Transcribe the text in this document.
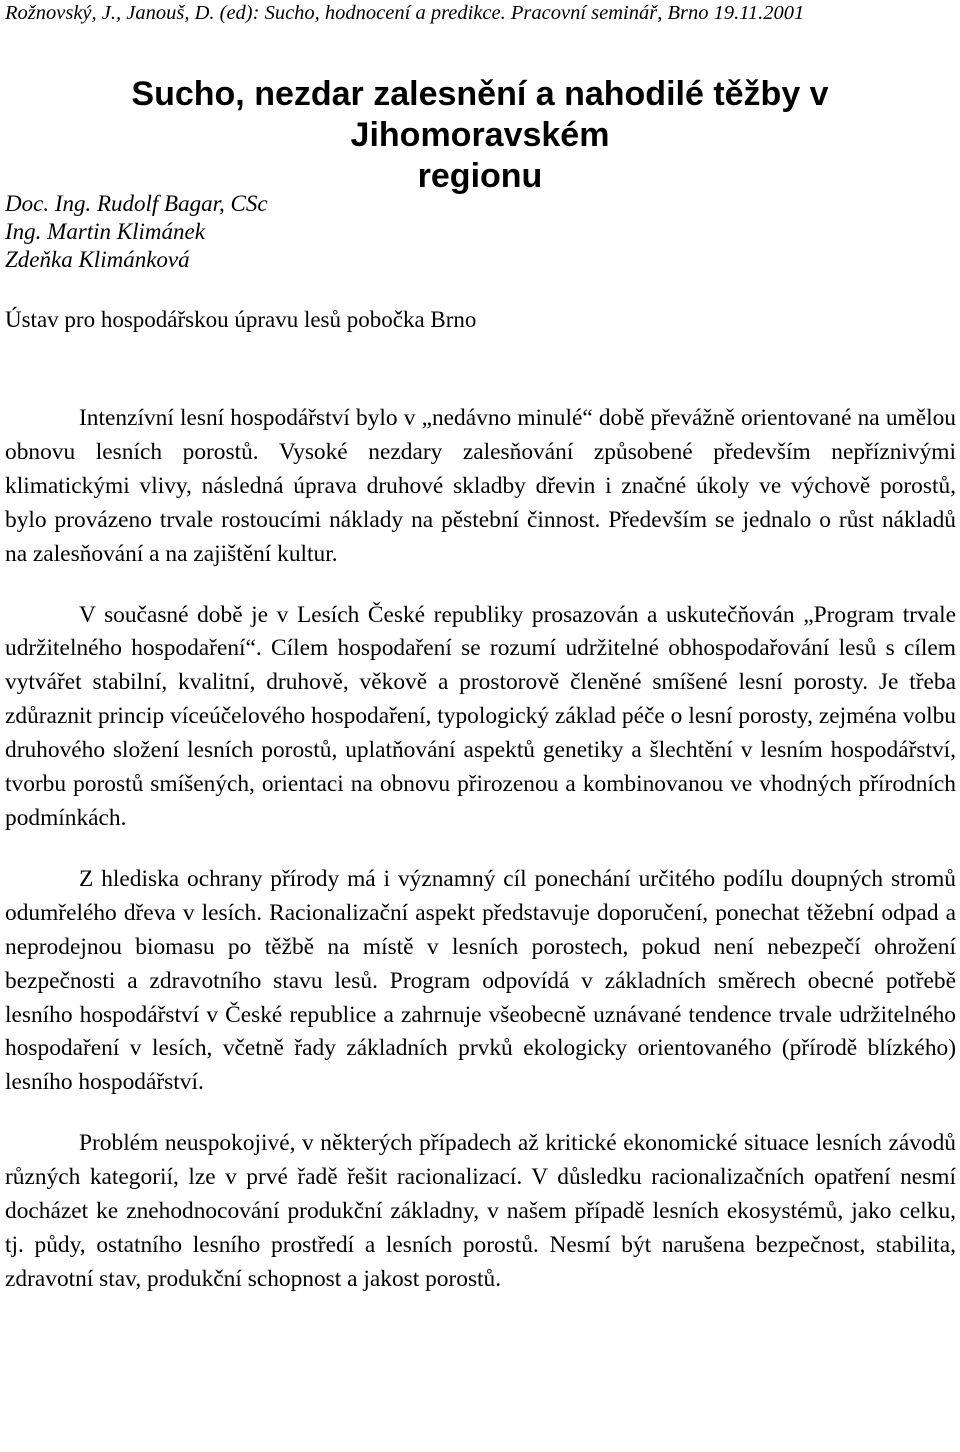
Rožnovský, J., Janouš, D. (ed): Sucho, hodnocení a predikce. Pracovní seminář, Brno 19.11.2001
Sucho, nezdar zalesnění a nahodilé těžby v Jihomoravském
regionu
Doc. Ing. Rudolf Bagar, CSc
Ing. Martin Klimánek
Zdeňka Klimánková
Ústav pro hospodářskou úpravu lesů pobočka Brno

Intenzívní lesní hospodářství bylo v „nedávno minulé“ době převážně orientované na umělou obnovu lesních porostů. Vysoké nezdary zalesňování způsobené především nepříznivými klimatickými vlivy, následná úprava druhové skladby dřevin i značné úkoly ve výchově porostů, bylo provázeno trvale rostoucími náklady na pěstební činnost. Především se jednalo o růst nákladů na zalesňování a na zajištění kultur.

V současné době je v Lesích České republiky prosazován a uskutečňován „Program trvale udržitelného hospodaření“. Cílem hospodaření se rozumí udržitelné obhospodařování lesů s cílem vytvářet stabilní, kvalitní, druhově, věkově a prostorově členěné smíšené lesní porosty. Je třeba zdůraznit princip víceúčelového hospodaření, typologický základ péče o lesní porosty, zejména volbu druhového složení lesních porostů, uplatňování aspektů genetiky a šlechtění v lesním hospodářství, tvorbu porostů smíšených, orientaci na obnovu přirozenou a kombinovanou ve vhodných přírodních podmínkách.

Z hlediska ochrany přírody má i významný cíl ponechání určitého podílu doupných stromů odumřelého dřeva v lesích. Racionalizační aspekt představuje doporučení, ponechat těžební odpad a neprodejnou biomasu po těžbě na místě v lesních porostech, pokud není nebezpečí ohrožení bezpečnosti a zdravotního stavu lesů. Program odpovídá v základních směrech obecné potřebě lesního hospodářství v České republice a zahrnuje všeobecně uznávané tendence trvale udržitelného hospodaření v lesích, včetně řady základních prvků ekologicky orientovaného (přírodě blízkého) lesního hospodářství.

Problém neuspokojivé, v některých případech až kritické ekonomické situace lesních závodů různých kategorií, lze v prvé řadě řešit racionalizací. V důsledku racionalizačních opatření nesmí docházet ke znehodnocování produkční základny, v našem případě lesních ekosystémů, jako celku, tj. půdy, ostatního lesního prostředí a lesních porostů. Nesmí být narušena bezpečnost, stabilita, zdravotní stav, produkční schopnost a jakost porostů.
